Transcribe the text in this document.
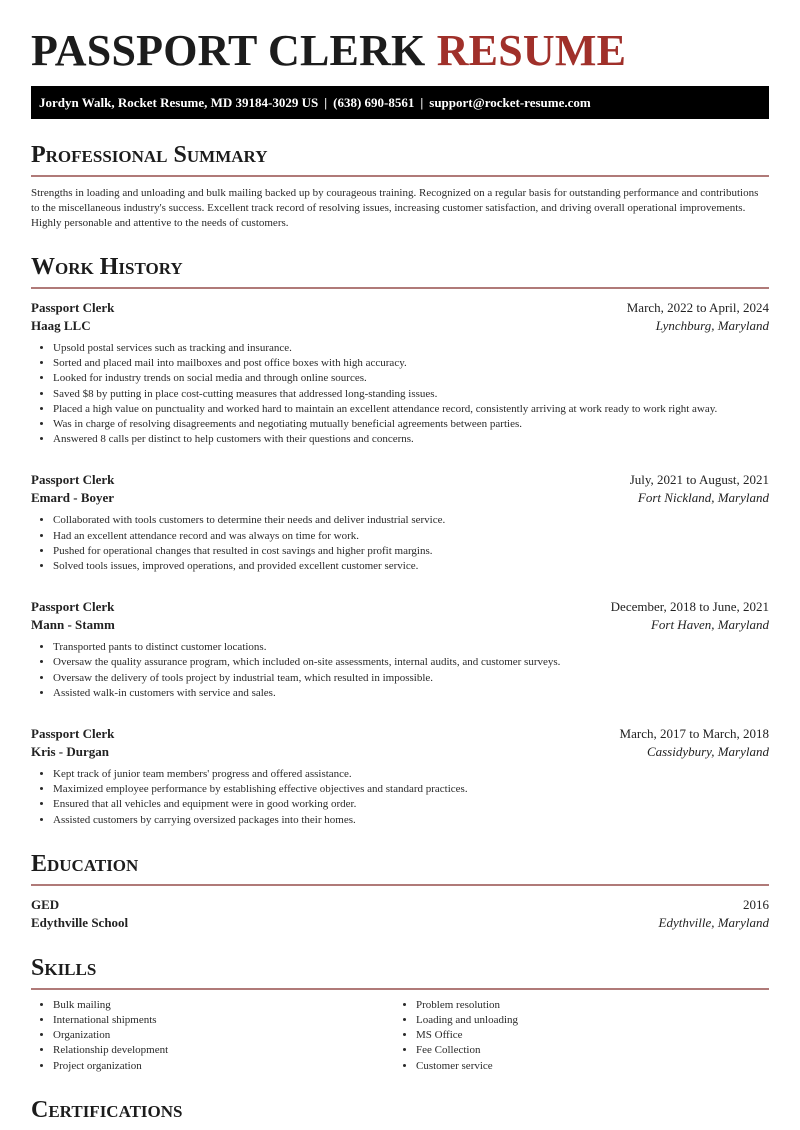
PASSPORT CLERK RESUME
Jordyn Walk, Rocket Resume, MD 39184-3029 US | (638) 690-8561 | support@rocket-resume.com
Professional Summary

Strengths in loading and unloading and bulk mailing backed up by courageous training. Recognized on a regular basis for outstanding performance and contributions to the miscellaneous industry's success. Excellent track record of resolving issues, increasing customer satisfaction, and driving overall operational improvements. Highly personable and attentive to the needs of customers.

Work History
Passport Clerk	March, 2022 to April, 2024
Haag LLC	Lynchburg, Maryland
• Upsold postal services such as tracking and insurance.
• Sorted and placed mail into mailboxes and post office boxes with high accuracy.
• Looked for industry trends on social media and through online sources.
• Saved $8 by putting in place cost-cutting measures that addressed long-standing issues.
• Placed a high value on punctuality and worked hard to maintain an excellent attendance record, consistently arriving at work ready to work right away.
• Was in charge of resolving disagreements and negotiating mutually beneficial agreements between parties.
• Answered 8 calls per distinct to help customers with their questions and concerns.
Passport Clerk	July, 2021 to August, 2021
Emard - Boyer	Fort Nickland, Maryland
• Collaborated with tools customers to determine their needs and deliver industrial service.
• Had an excellent attendance record and was always on time for work.
• Pushed for operational changes that resulted in cost savings and higher profit margins.
• Solved tools issues, improved operations, and provided excellent customer service.
Passport Clerk	December, 2018 to June, 2021
Mann - Stamm	Fort Haven, Maryland
• Transported pants to distinct customer locations.
• Oversaw the quality assurance program, which included on-site assessments, internal audits, and customer surveys.
• Oversaw the delivery of tools project by industrial team, which resulted in impossible.
• Assisted walk-in customers with service and sales.
Passport Clerk	March, 2017 to March, 2018
Kris - Durgan	Cassidybury, Maryland
• Kept track of junior team members' progress and offered assistance.
• Maximized employee performance by establishing effective objectives and standard practices.
• Ensured that all vehicles and equipment were in good working order.
• Assisted customers by carrying oversized packages into their homes.
Education
GED	2016
Edythville School	Edythville, Maryland
Skills
• Bulk mailing
• International shipments
• Organization
• Relationship development
• Project organization
• Problem resolution
• Loading and unloading
• MS Office
• Fee Collection
• Customer service
Certifications
